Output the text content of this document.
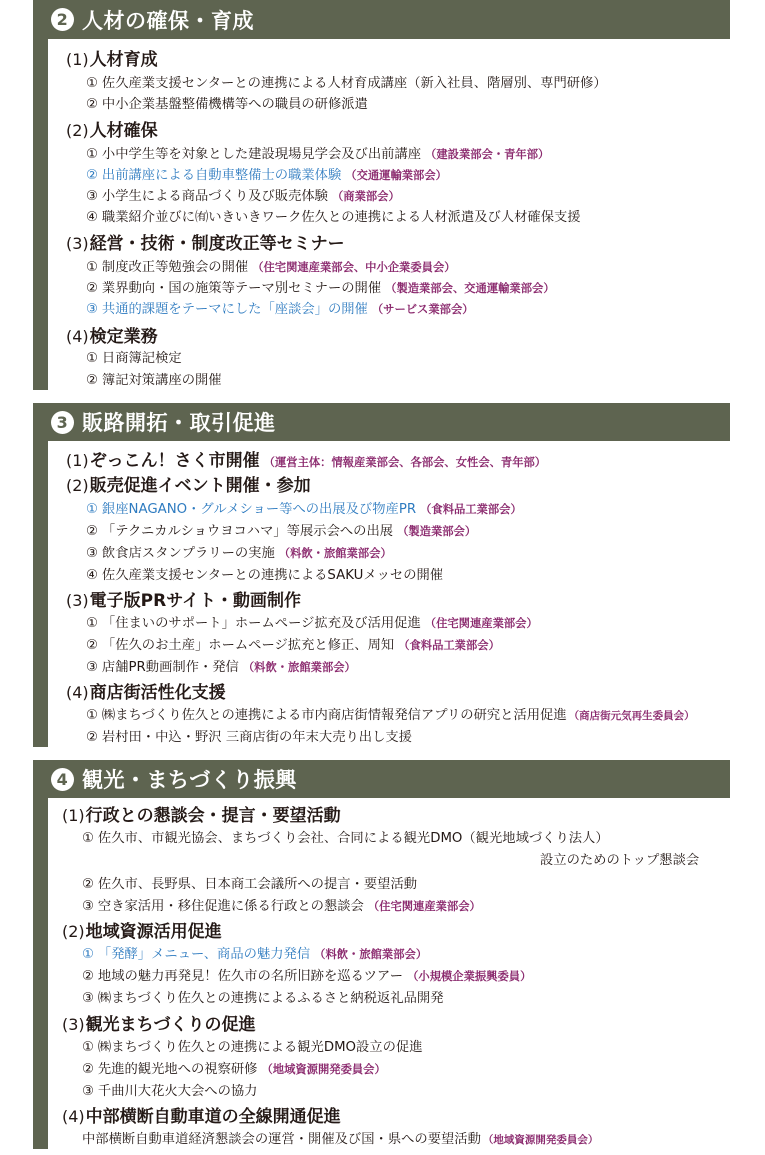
2 人材の確保・育成
(1)人材育成
① 佐久産業支援センターとの連携による人材育成講座（新入社員、階層別、専門研修）
② 中小企業基盤整備機構等への職員の研修派遣
(2)人材確保
① 小中学生等を対象とした建設現場見学会及び出前講座 （建設業部会・青年部）
② 出前講座による自動車整備士の職業体験 （交通運輸業部会）
③ 小学生による商品づくり及び販売体験 （商業部会）
④ 職業紹介並びに㈲いきいきワーク佐久との連携による人材派遣及び人材確保支援
(3)経営・技術・制度改正等セミナー
① 制度改正等勉強会の開催 （住宅関連産業部会、中小企業委員会）
② 業界動向・国の施策等テーマ別セミナーの開催 （製造業部会、交通運輸業部会）
③ 共通的課題をテーマにした「座談会」の開催 （サービス業部会）
(4)検定業務
① 日商簿記検定
② 簿記対策講座の開催
3 販路開拓・取引促進
(1)ぞっこん！さく市開催 （運営主体：情報産業部会、各部会、女性会、青年部）
(2)販売促進イベント開催・参加
① 銀座NAGANO・グルメショー等への出展及び物産PR （食料品工業部会）
② 「テクニカルショウヨコハマ」等展示会への出展 （製造業部会）
③ 飲食店スタンプラリーの実施 （料飲・旅館業部会）
④ 佐久産業支援センターとの連携によるSAKUメッセの開催
(3)電子版PRサイト・動画制作
① 「住まいのサポート」ホームページ拡充及び活用促進 （住宅関連産業部会）
② 「佐久のお土産」ホームページ拡充と修正、周知 （食料品工業部会）
③ 店舗PR動画制作・発信 （料飲・旅館業部会）
(4)商店街活性化支援
① ㈱まちづくり佐久との連携による市内商店街情報発信アプリの研究と活用促進 （商店街元気再生委員会）
② 岩村田・中込・野沢 三商店街の年末大売り出し支援
4 観光・まちづくり振興
(1)行政との懇談会・提言・要望活動
① 佐久市、市観光協会、まちづくり会社、合同による観光DMO（観光地域づくり法人）
設立のためのトップ懇談会
② 佐久市、長野県、日本商工会議所への提言・要望活動
③ 空き家活用・移住促進に係る行政との懇談会 （住宅関連産業部会）
(2)地域資源活用促進
① 「発酵」メニュー、商品の魅力発信 （料飲・旅館業部会）
② 地域の魅力再発見！佐久市の名所旧跡を巡るツアー （小規模企業振興委員）
③ ㈱まちづくり佐久との連携によるふるさと納税返礼品開発
(3)観光まちづくりの促進
① ㈱まちづくり佐久との連携による観光DMO設立の促進
② 先進的観光地への視察研修 （地域資源開発委員会）
③ 千曲川大花火大会への協力
(4)中部横断自動車道の全線開通促進
中部横断自動車道経済懇談会の運営・開催及び国・県への要望活動 （地域資源開発委員会）
